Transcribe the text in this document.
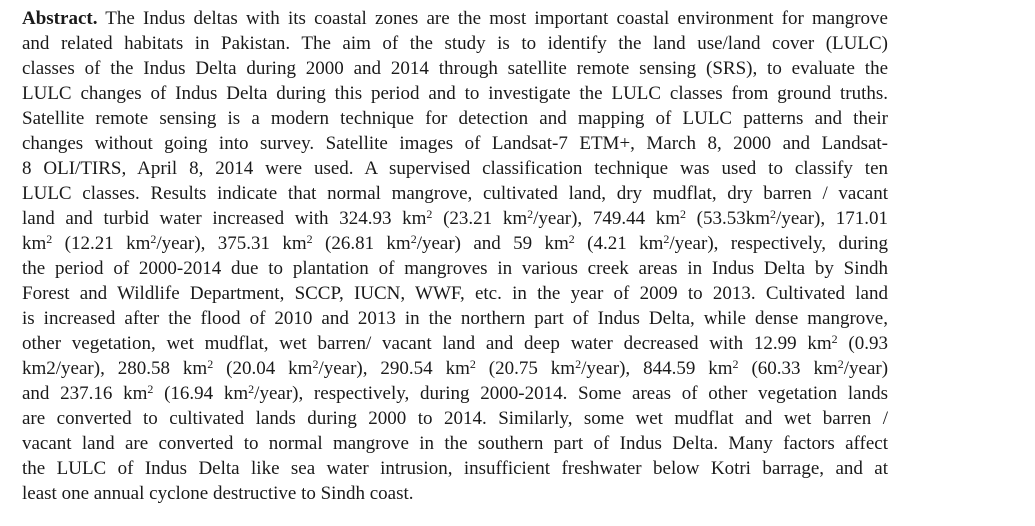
Abstract. The Indus deltas with its coastal zones are the most important coastal environment for mangrove
and related habitats in Pakistan. The aim of the study is to identify the land use/land cover (LULC)
classes of the Indus Delta during 2000 and 2014 through satellite remote sensing (SRS), to evaluate the
LULC changes of Indus Delta during this period and to investigate the LULC classes from ground truths.
Satellite remote sensing is a modern technique for detection and mapping of LULC patterns and their
changes without going into survey. Satellite images of Landsat-7 ETM+, March 8, 2000 and Landsat-
8 OLI/TIRS, April 8, 2014 were used. A supervised classification technique was used to classify ten
LULC classes. Results indicate that normal mangrove, cultivated land, dry mudflat, dry barren / vacant
land and turbid water increased with 324.93 $km^2$ (23.21 $km^2/year$), 749.44 $km^2$ $(53.53km^2/year)$, 171.01
$km^2$ (12.21 $km^2/year$), 375.31 $km^2$ (26.81 $km^2/year$) and 59 $km^2$ (4.21 $km^2/year$), respectively, during
the period of 2000-2014 due to plantation of mangroves in various creek areas in Indus Delta by Sindh
Forest and Wildlife Department, SCCP, IUCN, WWF, etc. in the year of 2009 to 2013. Cultivated land
is increased after the flood of 2010 and 2013 in the northern part of Indus Delta, while dense mangrove,
other vegetation, wet mudflat, wet barren/ vacant land and deep water decreased with 12.99 $km^2$ (0.93
km2/year), 280.58 $km^2$ (20.04 $km^2/year$), 290.54 $km^2$ (20.75 $km^2/year$), 844.59 $km^2$ (60.33 $km^2/year$)
and 237.16 $km^2$ (16.94 $km^2/year$), respectively, during 2000-2014. Some areas of other vegetation lands
are converted to cultivated lands during 2000 to 2014. Similarly, some wet mudflat and wet barren /
vacant land are converted to normal mangrove in the southern part of Indus Delta. Many factors affect
the LULC of Indus Delta like sea water intrusion, insufficient freshwater below Kotri barrage, and at
least one annual cyclone destructive to Sindh coast.
